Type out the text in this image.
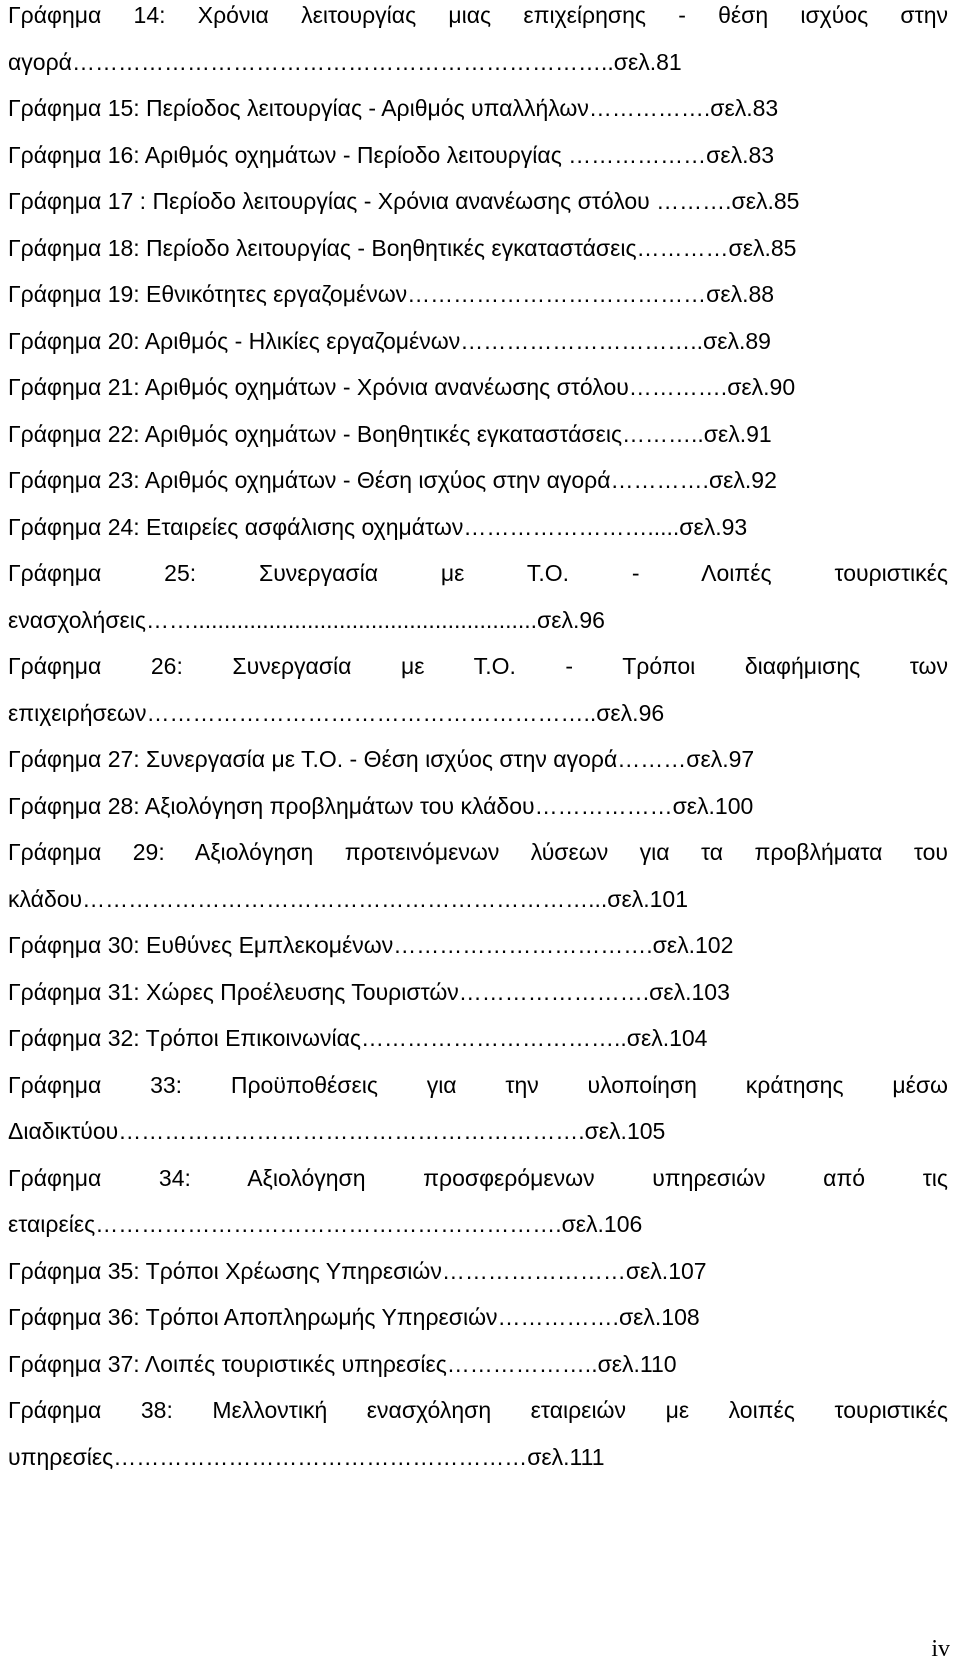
Γράφημα 14: Χρόνια λειτουργίας μιας επιχείρησης - θέση ισχύος στην
αγορά……………………………………………………………..σελ.81
Γράφημα 15: Περίοδος λειτουργίας - Αριθμός υπαλλήλων…………….σελ.83
Γράφημα 16: Αριθμός οχημάτων - Περίοδο λειτουργίας ………………σελ.83
Γράφημα 17 : Περίοδο λειτουργίας - Χρόνια ανανέωσης στόλου ……….σελ.85
Γράφημα 18: Περίοδο λειτουργίας - Βοηθητικές εγκαταστάσεις…………σελ.85
Γράφημα 19: Εθνικότητες εργαζομένων…………………………………σελ.88
Γράφημα 20: Αριθμός - Ηλικίες εργαζομένων…………………………..σελ.89
Γράφημα 21: Αριθμός οχημάτων - Χρόνια ανανέωσης στόλου………….σελ.90
Γράφημα 22: Αριθμός οχημάτων - Βοηθητικές εγκαταστάσεις………..σελ.91
Γράφημα 23: Αριθμός οχημάτων - Θέση ισχύος στην αγορά………….σελ.92
Γράφημα 24: Εταιρείες ασφάλισης οχημάτων…………………….....σελ.93
Γράφημα 25: Συνεργασία με Τ.Ο. - Λοιπές τουριστικές
ενασχολήσεις……......................................................σελ.96
Γράφημα 26: Συνεργασία με Τ.Ο. - Τρόποι διαφήμισης των
επιχειρήσεων…………………………………………………..σελ.96
Γράφημα 27: Συνεργασία με Τ.Ο. - Θέση ισχύος στην αγορά………σελ.97
Γράφημα 28: Αξιολόγηση προβλημάτων του κλάδου………………σελ.100
Γράφημα 29: Αξιολόγηση προτεινόμενων λύσεων για τα προβλήματα του
κλάδου…………………………………………………………...σελ.101
Γράφημα 30: Ευθύνες Εμπλεκομένων…………………………….σελ.102
Γράφημα 31: Χώρες Προέλευσης Τουριστών…………………….σελ.103
Γράφημα 32: Τρόποι Επικοινωνίας……………………………..σελ.104
Γράφημα 33: Προϋποθέσεις για την υλοποίηση κράτησης μέσω
Διαδικτύου…………………………………………………….σελ.105
Γράφημα 34: Αξιολόγηση προσφερόμενων υπηρεσιών από τις
εταιρείες…………………………………………………….σελ.106
Γράφημα 35: Τρόποι Χρέωσης Υπηρεσιών……………………σελ.107
Γράφημα 36: Τρόποι Αποπληρωμής Υπηρεσιών…………….σελ.108
Γράφημα 37: Λοιπές τουριστικές υπηρεσίες………………..σελ.110
Γράφημα 38: Μελλοντική ενασχόληση εταιρειών με λοιπές τουριστικές
υπηρεσίες………………………………………………σελ.111
iv
